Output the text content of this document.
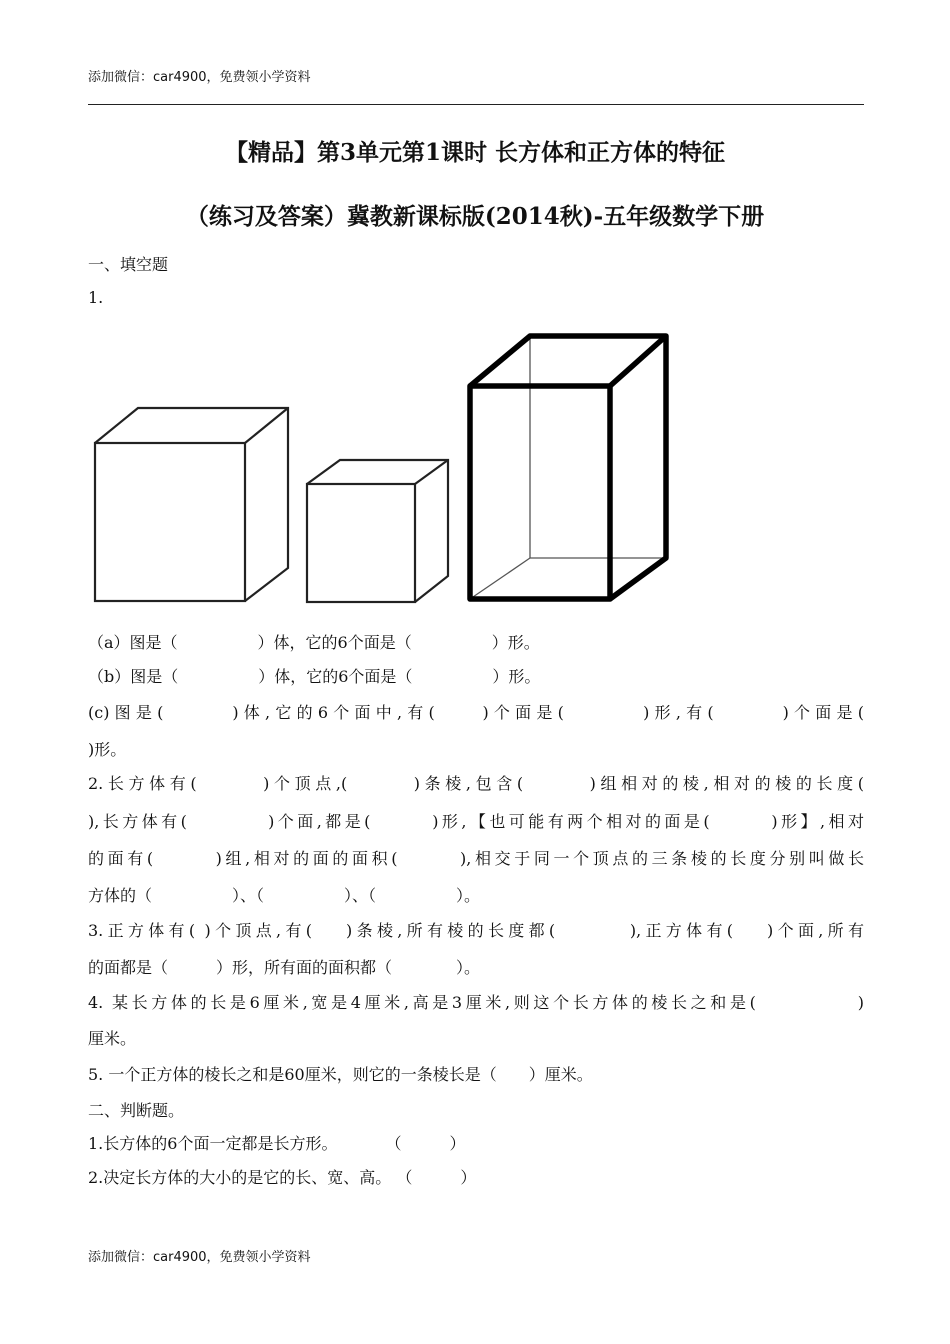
添加微信：car4900，免费领小学资料
【精品】第3单元第1课时 长方体和正方体的特征
（练习及答案）冀教新课标版(2014秋)-五年级数学下册
一、填空题
1.
（a）图是（　　　　　）体，它的6个面是（　　　　　）形。
（b）图是（　　　　　）体，它的6个面是（　　　　　）形。
(c)图是(　　　)体,它的6个面中,有(　　)个面是(　　　 )形,有(　　　)个面是(
)形。
2.长方体有(　　　)个顶点,(　　　)条棱,包含(　　　)组相对的棱,相对的棱的长度(
),长方体有(　　　　)个面,都是(　　　)形,【也可能有两个相对的面是(　　　)形】,相对
的面有(　　　)组,相对的面的面积(　　　),相交于同一个顶点的三条棱的长度分别叫做长
方体的（　　　　　）、（　　　　　）、（　　　　　）。
3.正方体有( )个顶点,有(　 )条棱,所有棱的长度都(　　　 ),正方体有(　 )个面,所有
的面都是（　　　）形，所有面的面积都（　　　　）。
4. 某长方体的长是6厘米,宽是4厘米,高是3厘米,则这个长方体的棱长之和是(　　　　　)
厘米。
5. 一个正方体的棱长之和是60厘米，则它的一条棱长是（　　）厘米。
二、判断题。
1.长方体的6个面一定都是长方形。　　　　（　　　）
2.决定长方体的大小的是它的长、宽、高。 （　　　）
添加微信：car4900，免费领小学资料
